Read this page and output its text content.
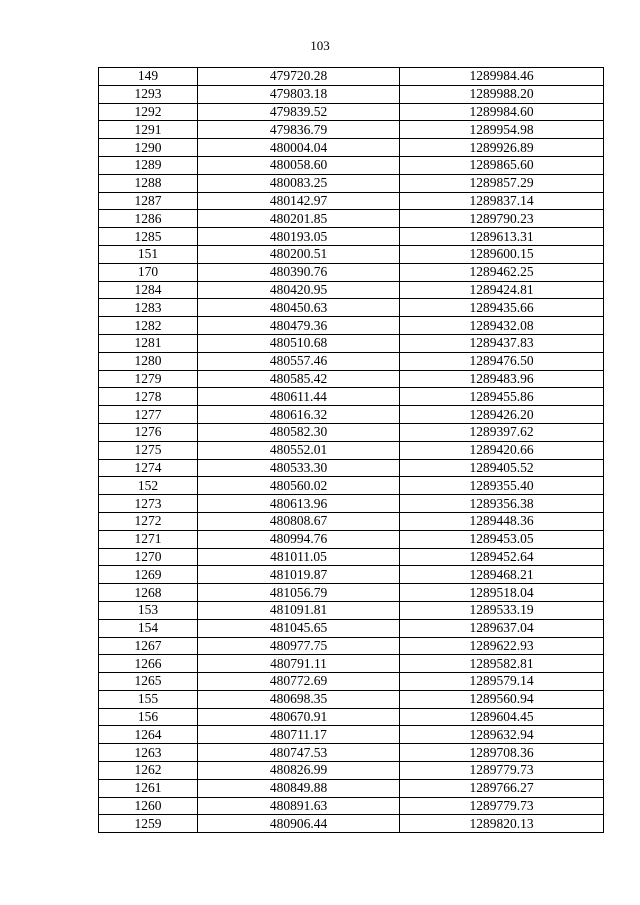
103
149	479720.28	1289984.46
1293	479803.18	1289988.20
1292	479839.52	1289984.60
1291	479836.79	1289954.98
1290	480004.04	1289926.89
1289	480058.60	1289865.60
1288	480083.25	1289857.29
1287	480142.97	1289837.14
1286	480201.85	1289790.23
1285	480193.05	1289613.31
151	480200.51	1289600.15
170	480390.76	1289462.25
1284	480420.95	1289424.81
1283	480450.63	1289435.66
1282	480479.36	1289432.08
1281	480510.68	1289437.83
1280	480557.46	1289476.50
1279	480585.42	1289483.96
1278	480611.44	1289455.86
1277	480616.32	1289426.20
1276	480582.30	1289397.62
1275	480552.01	1289420.66
1274	480533.30	1289405.52
152	480560.02	1289355.40
1273	480613.96	1289356.38
1272	480808.67	1289448.36
1271	480994.76	1289453.05
1270	481011.05	1289452.64
1269	481019.87	1289468.21
1268	481056.79	1289518.04
153	481091.81	1289533.19
154	481045.65	1289637.04
1267	480977.75	1289622.93
1266	480791.11	1289582.81
1265	480772.69	1289579.14
155	480698.35	1289560.94
156	480670.91	1289604.45
1264	480711.17	1289632.94
1263	480747.53	1289708.36
1262	480826.99	1289779.73
1261	480849.88	1289766.27
1260	480891.63	1289779.73
1259	480906.44	1289820.13
